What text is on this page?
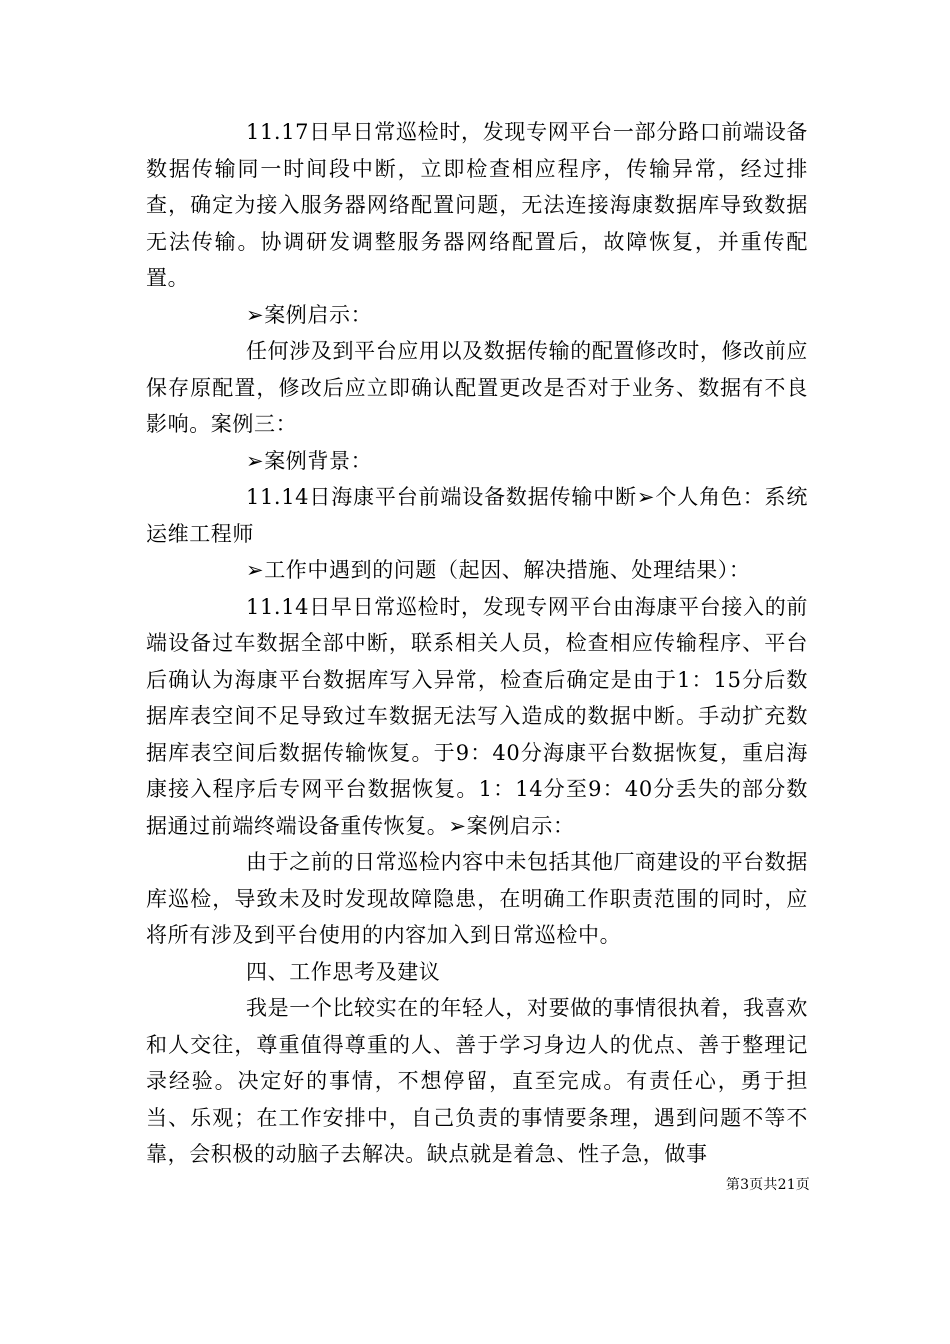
11.17日早日常巡检时，发现专网平台一部分路口前端设备数据传输同一时间段中断，立即检查相应程序，传输异常，经过排查，确定为接入服务器网络配置问题，无法连接海康数据库导致数据无法传输。协调研发调整服务器网络配置后，故障恢复，并重传配置。

➢案例启示：

任何涉及到平台应用以及数据传输的配置修改时，修改前应保存原配置，修改后应立即确认配置更改是否对于业务、数据有不良影响。案例三：

➢案例背景：

11.14日海康平台前端设备数据传输中断➢个人角色：系统运维工程师

➢工作中遇到的问题（起因、解决措施、处理结果）：

11.14日早日常巡检时，发现专网平台由海康平台接入的前端设备过车数据全部中断，联系相关人员，检查相应传输程序、平台后确认为海康平台数据库写入异常，检查后确定是由于1：15分后数据库表空间不足导致过车数据无法写入造成的数据中断。手动扩充数据库表空间后数据传输恢复。于9：40分海康平台数据恢复，重启海康接入程序后专网平台数据恢复。1：14分至9：40分丢失的部分数据通过前端终端设备重传恢复。➢案例启示：

由于之前的日常巡检内容中未包括其他厂商建设的平台数据库巡检，导致未及时发现故障隐患，在明确工作职责范围的同时，应将所有涉及到平台使用的内容加入到日常巡检中。

四、工作思考及建议

我是一个比较实在的年轻人，对要做的事情很执着，我喜欢和人交往，尊重值得尊重的人、善于学习身边人的优点、善于整理记录经验。决定好的事情，不想停留，直至完成。有责任心，勇于担当、乐观；在工作安排中，自己负责的事情要条理，遇到问题不等不靠，会积极的动脑子去解决。缺点就是着急、性子急，做事

第3页共21页
